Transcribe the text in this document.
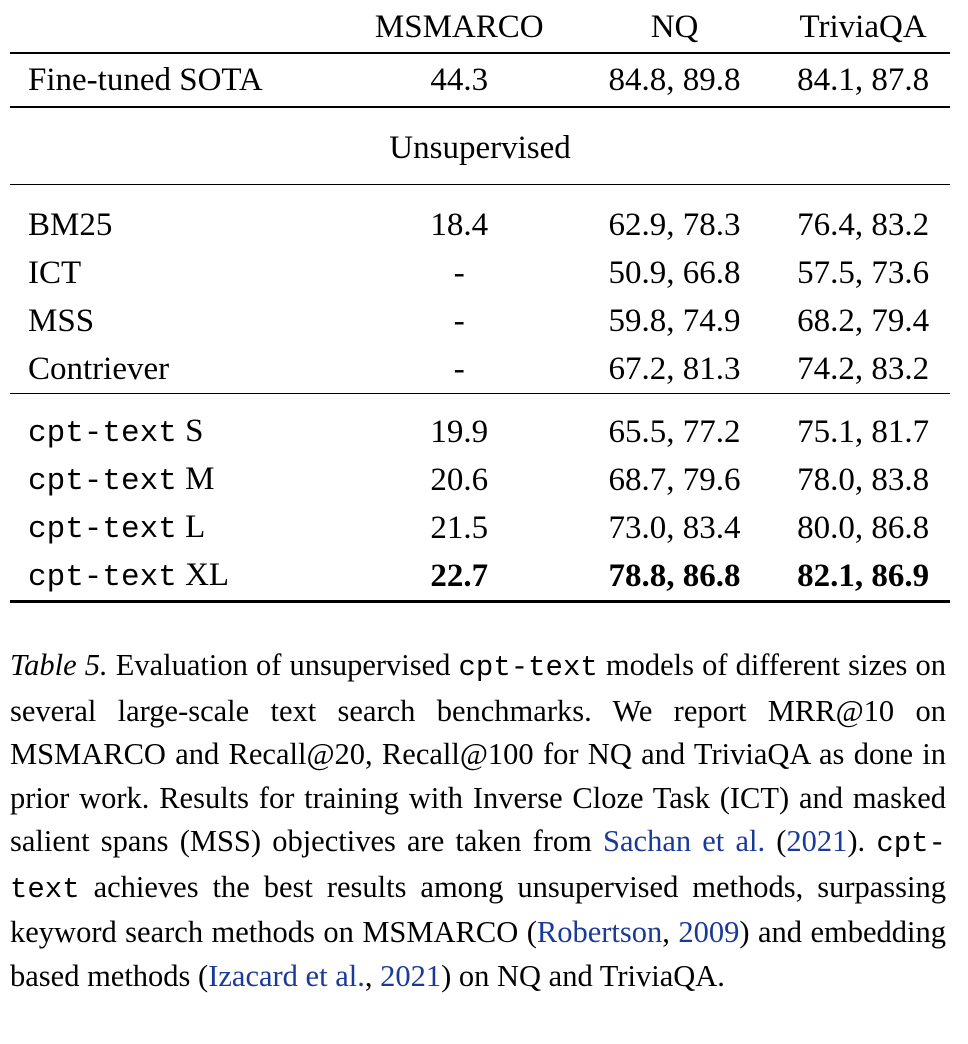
	MSMARCO	NQ	TriviaQA
Fine-tuned SOTA	44.3	84.8, 89.8	84.1, 87.8
Unsupervised			

BM25	18.4	62.9, 78.3	76.4, 83.2
ICT	-	50.9, 66.8	57.5, 73.6
MSS	-	59.8, 74.9	68.2, 79.4
Contriever	-	67.2, 81.3	74.2, 83.2

cpt-text S	19.9	65.5, 77.2	75.1, 81.7
cpt-text M	20.6	68.7, 79.6	78.0, 83.8
cpt-text L	21.5	73.0, 83.4	80.0, 86.8
cpt-text XL	22.7	78.8, 86.8	82.1, 86.9
Table 5. Evaluation of unsupervised cpt-text models of different sizes on several large-scale text search benchmarks. We report MRR@10 on MSMARCO and Recall@20, Recall@100 for NQ and TriviaQA as done in prior work. Results for training with Inverse Cloze Task (ICT) and masked salient spans (MSS) objectives are taken from Sachan et al. (2021). cpt-text achieves the best results among unsupervised methods, surpassing keyword search methods on MSMARCO (Robertson, 2009) and embedding based methods (Izacard et al., 2021) on NQ and TriviaQA.
